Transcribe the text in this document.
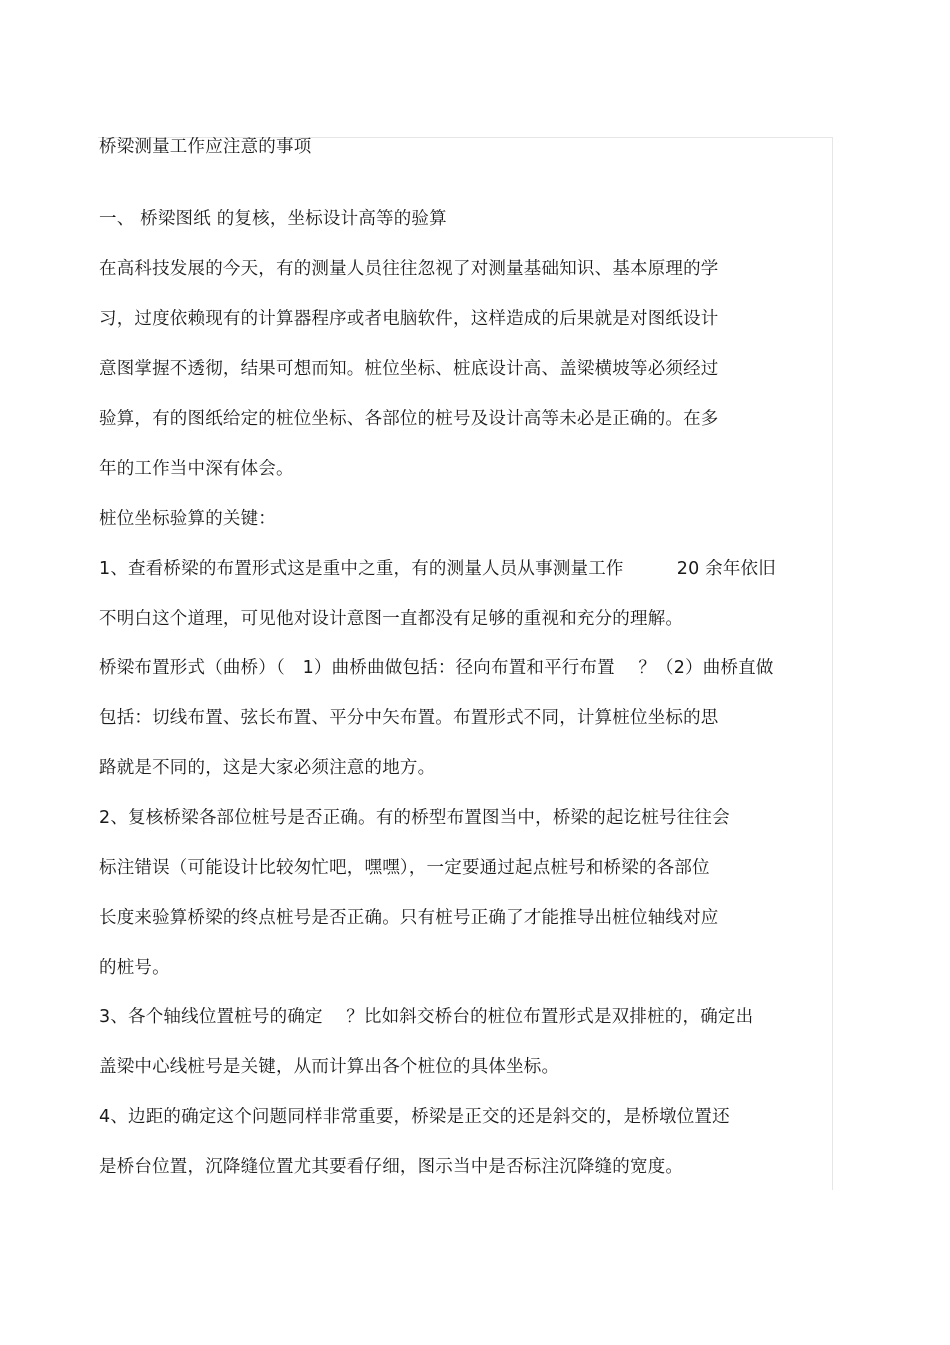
桥梁测量工作应注意的事项
一、 桥梁图纸 的复核，坐标设计高等的验算
在高科技发展的今天，有的测量人员往往忽视了对测量基础知识、基本原理的学
习，过度依赖现有的计算器程序或者电脑软件，这样造成的后果就是对图纸设计
意图掌握不透彻，结果可想而知。桩位坐标、桩底设计高、盖梁横坡等必须经过
验算，有的图纸给定的桩位坐标、各部位的桩号及设计高等未必是正确的。在多
年的工作当中深有体会。
桩位坐标验算的关键：
1、查看桥梁的布置形式这是重中之重，有的测量人员从事测量工作　　　20 余年依旧
不明白这个道理，可见他对设计意图一直都没有足够的重视和充分的理解。
桥梁布置形式（曲桥）（　1）曲桥曲做包括：径向布置和平行布置　 ？（2）曲桥直做
包括：切线布置、弦长布置、平分中矢布置。布置形式不同，计算桩位坐标的思
路就是不同的，这是大家必须注意的地方。
2、复核桥梁各部位桩号是否正确。有的桥型布置图当中，桥梁的起讫桩号往往会
标注错误（可能设计比较匆忙吧，嘿嘿），一定要通过起点桩号和桥梁的各部位
长度来验算桥梁的终点桩号是否正确。只有桩号正确了才能推导出桩位轴线对应
的桩号。
3、各个轴线位置桩号的确定　 ？比如斜交桥台的桩位布置形式是双排桩的，确定出
盖梁中心线桩号是关键，从而计算出各个桩位的具体坐标。
4、边距的确定这个问题同样非常重要，桥梁是正交的还是斜交的，是桥墩位置还
是桥台位置，沉降缝位置尤其要看仔细，图示当中是否标注沉降缝的宽度。
